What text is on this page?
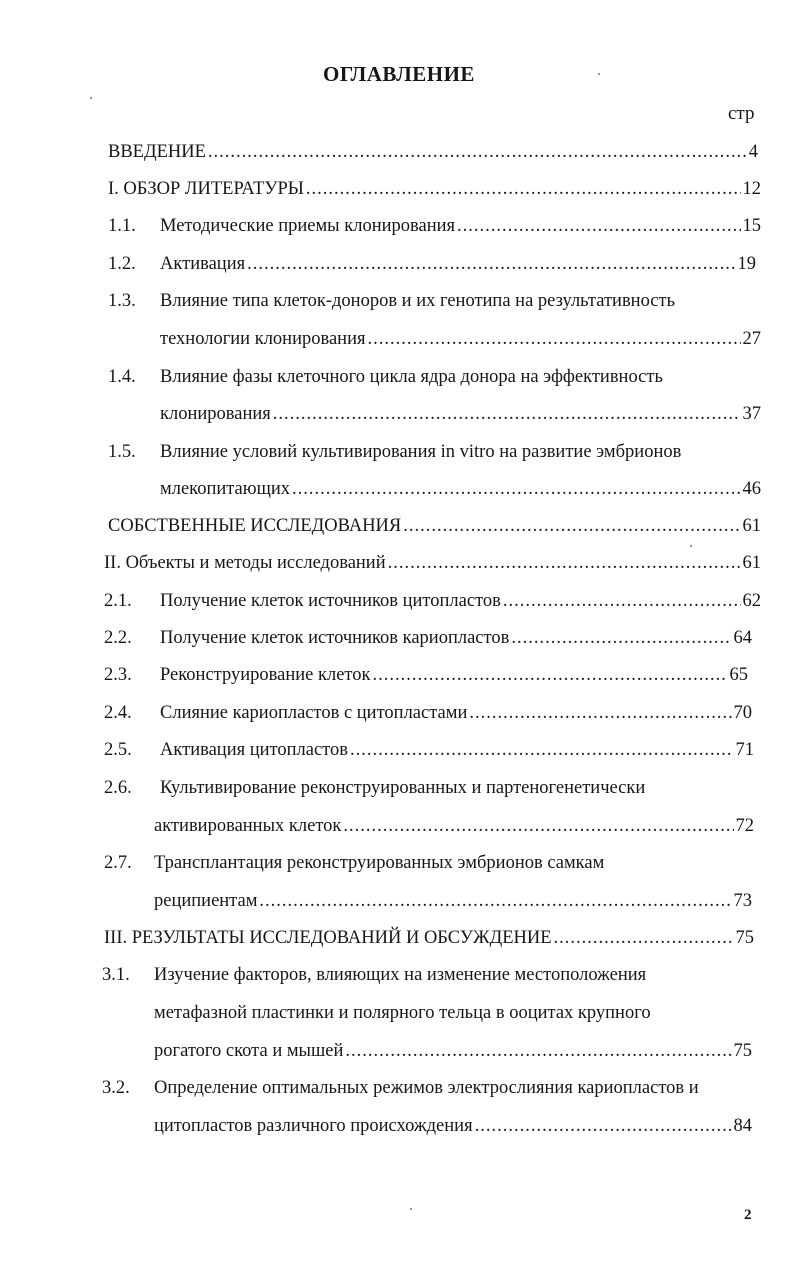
ОГЛАВЛЕНИЕ
стр
ВВЕДЕНИЕ .....	4
I. ОБЗОР ЛИТЕРАТУРЫ .....	12
1.1. Методические приемы клонирования .....	15
1.2. Активация .....	19
1.3. Влияние типа клеток-доноров и их генотипа на результативность
технологии клонирования .....	27
1.4. Влияние фазы клеточного цикла ядра донора на эффективность
клонирования .....	37
1.5. Влияние условий культивирования in vitro на развитие эмбрионов
млекопитающих .....	46
СОБСТВЕННЫЕ ИССЛЕДОВАНИЯ .....	61
II. Объекты и методы исследований .....	61
2.1. Получение клеток источников цитопластов .....	62
2.2. Получение клеток источников кариопластов .....	64
2.3. Реконструирование клеток .....	65
2.4. Слияние кариопластов с цитопластами .....	70
2.5. Активация цитопластов .....	71
2.6. Культивирование реконструированных и партеногенетически
активированных клеток .....	72
2.7. Трансплантация реконструированных эмбрионов самкам
реципиентам .....	73
III. РЕЗУЛЬТАТЫ ИССЛЕДОВАНИЙ И ОБСУЖДЕНИЕ .....	75
3.1. Изучение факторов, влияющих на изменение местоположения
метафазной пластинки и полярного тельца в ооцитах крупного
рогатого скота и мышей .....	75
3.2. Определение оптимальных режимов электрослияния кариопластов и
цитопластов различного происхождения .....	84
2
